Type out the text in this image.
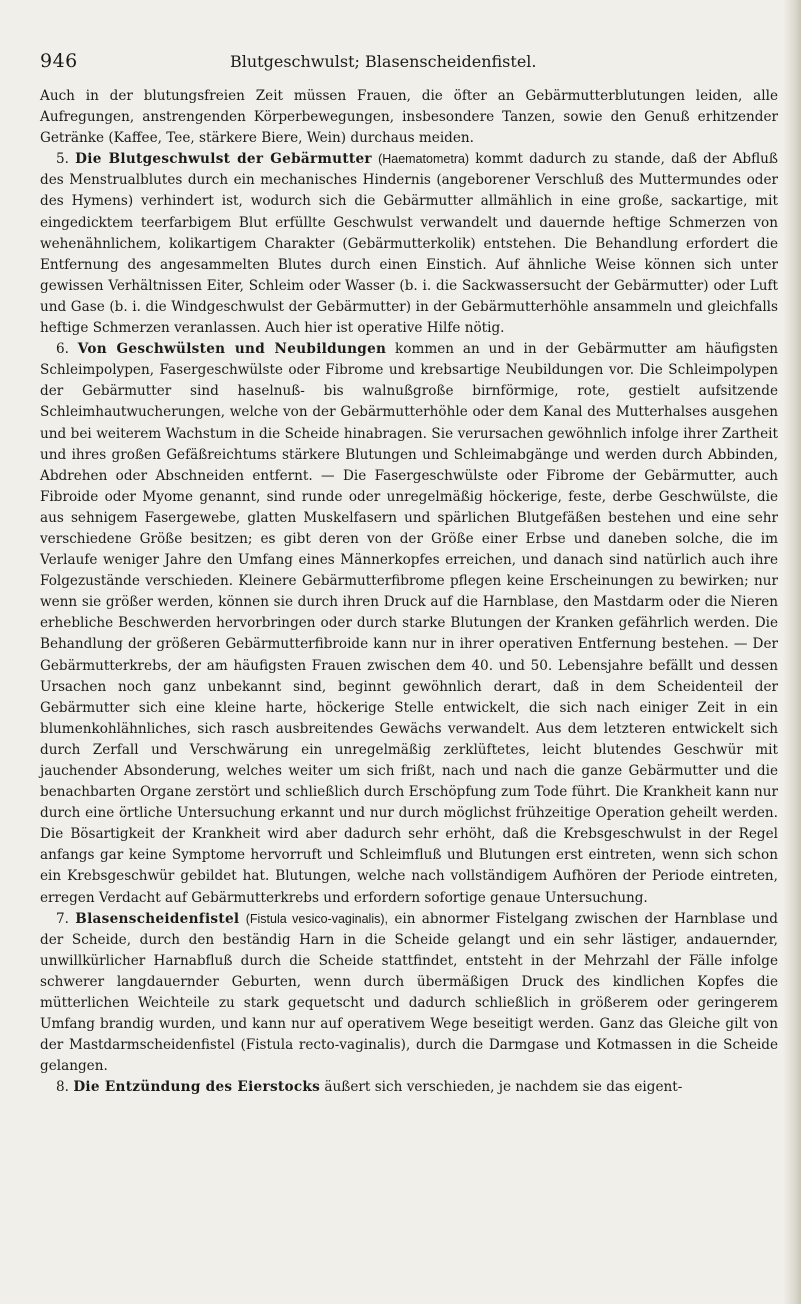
946	Blutgeschwulst; Blasenscheidenfistel.

Auch in der blutungsfreien Zeit müssen Frauen, die öfter an Gebärmutterblutungen leiden, alle Aufregungen, anstrengenden Körperbewegungen, insbesondere Tanzen, sowie den Genuß erhitzender Getränke (Kaffee, Tee, stärkere Biere, Wein) durchaus meiden.

5. Die Blutgeschwulst der Gebärmutter (Haematometra) kommt dadurch zu stande, daß der Abfluß des Menstrualblutes durch ein mechanisches Hindernis (angeborener Verschluß des Muttermundes oder des Hymens) verhindert ist, wodurch sich die Gebärmutter allmählich in eine große, sackartige, mit eingedicktem teerfarbigem Blut erfüllte Geschwulst verwandelt und dauernde heftige Schmerzen von wehenähnlichem, kolikartigem Charakter (Gebärmutterkolik) entstehen. Die Behandlung erfordert die Entfernung des angesammelten Blutes durch einen Einstich. Auf ähnliche Weise können sich unter gewissen Verhältnissen Eiter, Schleim oder Wasser (b. i. die Sackwassersucht der Gebärmutter) oder Luft und Gase (b. i. die Windgeschwulst der Gebärmutter) in der Gebärmutterhöhle ansammeln und gleichfalls heftige Schmerzen veranlassen. Auch hier ist operative Hilfe nötig.

6. Von Geschwülsten und Neubildungen kommen an und in der Gebärmutter am häufigsten Schleimpolypen, Fasergeschwülste oder Fibrome und krebsartige Neubildungen vor. Die Schleimpolypen der Gebärmutter sind haselnuß- bis walnußgroße birnförmige, rote, gestielt aufsitzende Schleimhautwucherungen, welche von der Gebärmutterhöhle oder dem Kanal des Mutterhalses ausgehen und bei weiterem Wachstum in die Scheide hinabragen. Sie verursachen gewöhnlich infolge ihrer Zartheit und ihres großen Gefäßreichtums stärkere Blutungen und Schleimabgänge und werden durch Abbinden, Abdrehen oder Abschneiden entfernt. — Die Fasergeschwülste oder Fibrome der Gebärmutter, auch Fibroide oder Myome genannt, sind runde oder unregelmäßig höckerige, feste, derbe Geschwülste, die aus sehnigem Fasergewebe, glatten Muskelfasern und spärlichen Blutgefäßen bestehen und eine sehr verschiedene Größe besitzen; es gibt deren von der Größe einer Erbse und daneben solche, die im Verlaufe weniger Jahre den Umfang eines Männerkopfes erreichen, und danach sind natürlich auch ihre Folgezustände verschieden. Kleinere Gebärmutterfibrome pflegen keine Erscheinungen zu bewirken; nur wenn sie größer werden, können sie durch ihren Druck auf die Harnblase, den Mastdarm oder die Nieren erhebliche Beschwerden hervorbringen oder durch starke Blutungen der Kranken gefährlich werden. Die Behandlung der größeren Gebärmutterfibroide kann nur in ihrer operativen Entfernung bestehen. — Der Gebärmutterkrebs, der am häufigsten Frauen zwischen dem 40. und 50. Lebensjahre befällt und dessen Ursachen noch ganz unbekannt sind, beginnt gewöhnlich derart, daß in dem Scheidenteil der Gebärmutter sich eine kleine harte, höckerige Stelle entwickelt, die sich nach einiger Zeit in ein blumenkohlähnliches, sich rasch ausbreitendes Gewächs verwandelt. Aus dem letzteren entwickelt sich durch Zerfall und Verschwärung ein unregelmäßig zerklüftetes, leicht blutendes Geschwür mit jauchender Absonderung, welches weiter um sich frißt, nach und nach die ganze Gebärmutter und die benachbarten Organe zerstört und schließlich durch Erschöpfung zum Tode führt. Die Krankheit kann nur durch eine örtliche Untersuchung erkannt und nur durch möglichst frühzeitige Operation geheilt werden. Die Bösartigkeit der Krankheit wird aber dadurch sehr erhöht, daß die Krebsgeschwulst in der Regel anfangs gar keine Symptome hervorruft und Schleimfluß und Blutungen erst eintreten, wenn sich schon ein Krebsgeschwür gebildet hat. Blutungen, welche nach vollständigem Aufhören der Periode eintreten, erregen Verdacht auf Gebärmutterkrebs und erfordern sofortige genaue Untersuchung.

7. Blasenscheidenfistel (Fistula vesico-vaginalis), ein abnormer Fistelgang zwischen der Harnblase und der Scheide, durch den beständig Harn in die Scheide gelangt und ein sehr lästiger, andauernder, unwillkürlicher Harnabfluß durch die Scheide stattfindet, entsteht in der Mehrzahl der Fälle infolge schwerer langdauernder Geburten, wenn durch übermäßigen Druck des kindlichen Kopfes die mütterlichen Weichteile zu stark gequetscht und dadurch schließlich in größerem oder geringerem Umfang brandig wurden, und kann nur auf operativem Wege beseitigt werden. Ganz das Gleiche gilt von der Mastdarmscheidenfistel (Fistula recto-vaginalis), durch die Darmgase und Kotmassen in die Scheide gelangen.

8. Die Entzündung des Eierstocks äußert sich verschieden, je nachdem sie das eigent-
